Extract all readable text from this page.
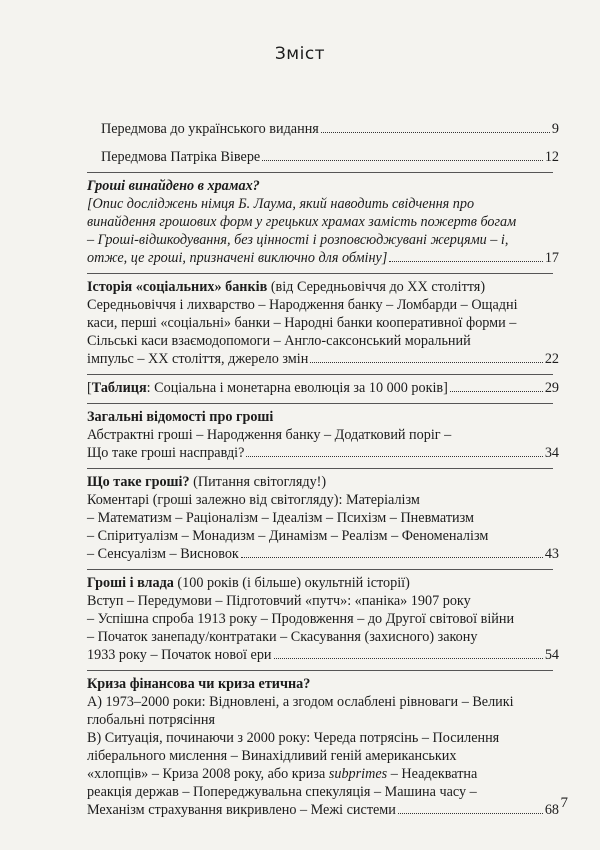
Зміст
Передмова до українського видання	9
Передмова Патріка Вівере	12
Гроші винайдено в храмах?
[Опис досліджень німця Б. Лаума, який наводить свідчення про
винайдення грошових форм у грецьких храмах замість пожертв богам
– Гроші-відшкодування, без цінності і розповсюджувані жерцями – і,
отже, це гроші, призначені виключно для обміну]	17
Історія «соціальних» банків (від Середньовіччя до XX століття)
Середньовіччя і лихварство – Народження банку – Ломбарди – Ощадні
каси, перші «соціальні» банки – Народні банки кооперативної форми –
Сільські каси взаємодопомоги – Англо-саксонський моральний
імпульс – XX століття, джерело змін	22
[Таблиця: Соціальна і монетарна еволюція за 10 000 років]	29
Загальні відомості про гроші
Абстрактні гроші – Народження банку – Додатковий поріг –
Що таке гроші насправді?	34
Що таке гроші? (Питання світогляду!)
Коментарі (гроші залежно від світогляду): Матеріалізм
– Математизм – Раціоналізм – Ідеалізм – Психізм – Пневматизм
– Спіритуалізм – Монадизм – Динамізм – Реалізм – Феноменалізм
– Сенсуалізм – Висновок	43
Гроші і влада (100 років (і більше) окультній історії)
Вступ – Передумови – Підготовчий «путч»: «паніка» 1907 року
– Успішна спроба 1913 року – Продовження – до Другої світової війни
– Початок занепаду/контратаки – Скасування (захисного) закону
1933 року – Початок нової ери	54
Криза фінансова чи криза етична?
А) 1973–2000 роки: Відновлені, а згодом ослаблені рівноваги – Великі
глобальні потрясіння
В) Ситуація, починаючи з 2000 року: Череда потрясінь – Посилення
ліберального мислення – Винахідливий геній американських
«хлопців» – Криза 2008 року, або криза subprimes – Неадекватна
реакція держав – Попереджувальна спекуляція – Машина часу –
Механізм страхування викривлено – Межі системи	68 7
